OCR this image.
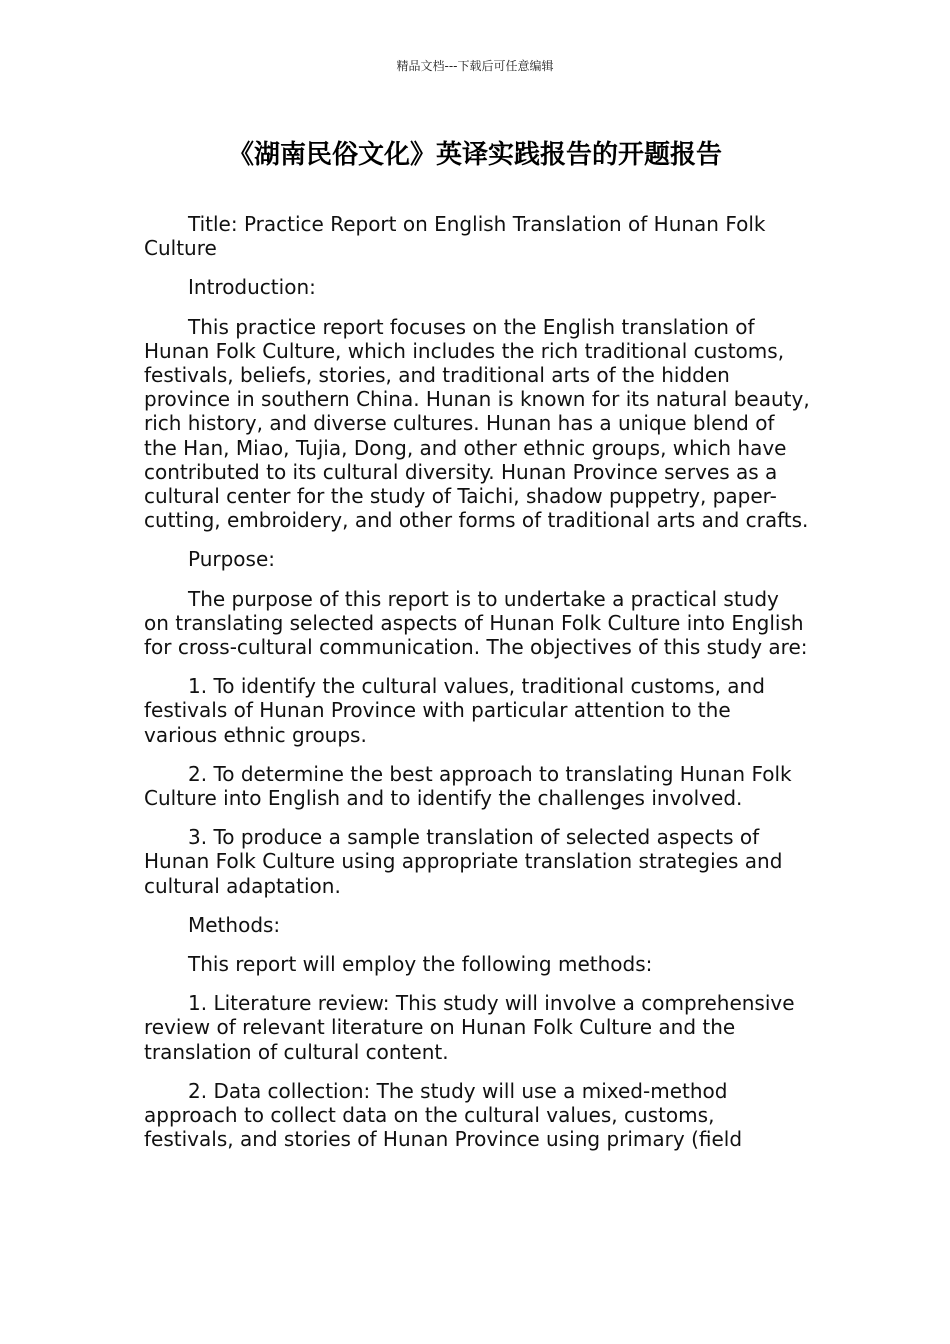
精品文档---下载后可任意编辑
《湖南民俗文化》英译实践报告的开题报告

Title: Practice Report on English Translation of Hunan Folk Culture

Introduction:

This practice report focuses on the English translation of Hunan Folk Culture, which includes the rich traditional customs, festivals, beliefs, stories, and traditional arts of the hidden province in southern China. Hunan is known for its natural beauty, rich history, and diverse cultures. Hunan has a unique blend of the Han, Miao, Tujia, Dong, and other ethnic groups, which have contributed to its cultural diversity. Hunan Province serves as a cultural center for the study of Taichi, shadow puppetry, paper-cutting, embroidery, and other forms of traditional arts and crafts.

Purpose:

The purpose of this report is to undertake a practical study on translating selected aspects of Hunan Folk Culture into English for cross-cultural communication. The objectives of this study are:

1. To identify the cultural values, traditional customs, and festivals of Hunan Province with particular attention to the various ethnic groups.

2. To determine the best approach to translating Hunan Folk Culture into English and to identify the challenges involved.

3. To produce a sample translation of selected aspects of Hunan Folk Culture using appropriate translation strategies and cultural adaptation.

Methods:

This report will employ the following methods:

1. Literature review: This study will involve a comprehensive review of relevant literature on Hunan Folk Culture and the translation of cultural content.

2. Data collection: The study will use a mixed-method approach to collect data on the cultural values, customs, festivals, and stories of Hunan Province using primary (field
